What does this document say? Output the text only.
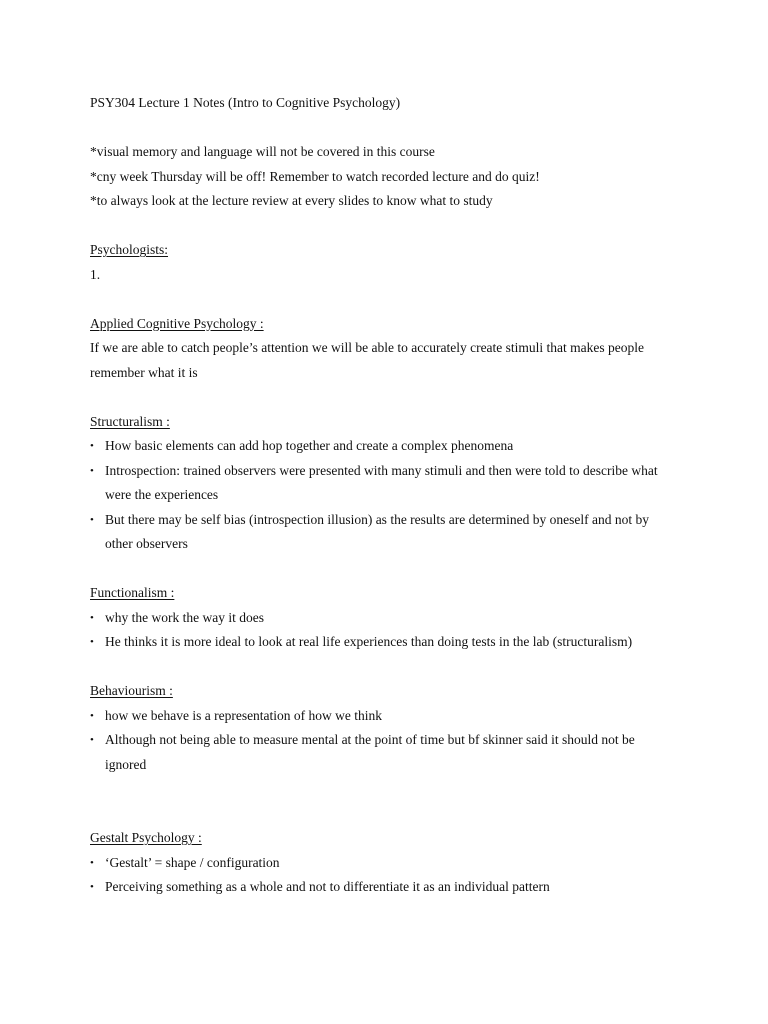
PSY304 Lecture 1 Notes (Intro to Cognitive Psychology)
*visual memory and language will not be covered in this course
*cny week Thursday will be off! Remember to watch recorded lecture and do quiz!
*to always look at the lecture review at every slides to know what to study
Psychologists:
1.
Applied Cognitive Psychology :
If we are able to catch people’s attention we will be able to accurately create stimuli that makes people
remember what it is
Structuralism :
• How basic elements can add hop together and create a complex phenomena
• Introspection: trained observers were presented with many stimuli and then were told to describe what
were the experiences
• But there may be self bias (introspection illusion) as the results are determined by oneself and not by
other observers
Functionalism :
• why the work the way it does
• He thinks it is more ideal to look at real life experiences than doing tests in the lab (structuralism)
Behaviourism :
• how we behave is a representation of how we think
• Although not being able to measure mental at the point of time but bf skinner said it should not be
ignored
Gestalt Psychology :
• ‘Gestalt’ = shape / configuration
• Perceiving something as a whole and not to differentiate it as an individual pattern
